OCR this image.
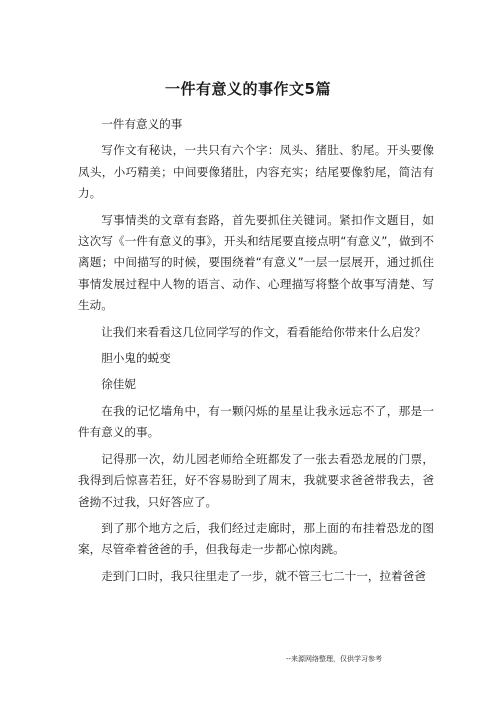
一件有意义的事作文5篇

一件有意义的事

写作文有秘诀，一共只有六个字：凤头、猪肚、豹尾。开头要像凤头，小巧精美；中间要像猪肚，内容充实；结尾要像豹尾，简洁有力。

写事情类的文章有套路，首先要抓住关键词。紧扣作文题目，如这次写《一件有意义的事》，开头和结尾要直接点明“有意义”，做到不离题；中间描写的时候，要围绕着“有意义”一层一层展开，通过抓住事情发展过程中人物的语言、动作、心理描写将整个故事写清楚、写生动。

让我们来看看这几位同学写的作文，看看能给你带来什么启发？

胆小鬼的蜕变

徐佳妮

在我的记忆墙角中，有一颗闪烁的星星让我永远忘不了，那是一件有意义的事。

记得那一次，幼儿园老师给全班都发了一张去看恐龙展的门票，我得到后惊喜若狂，好不容易盼到了周末，我就要求爸爸带我去，爸爸拗不过我，只好答应了。

到了那个地方之后，我们经过走廊时，那上面的布挂着恐龙的图案，尽管牵着爸爸的手，但我每走一步都心惊肉跳。

走到门口时，我只往里走了一步，就不管三七二十一，拉着爸爸

--来源网络整理，仅供学习参考
